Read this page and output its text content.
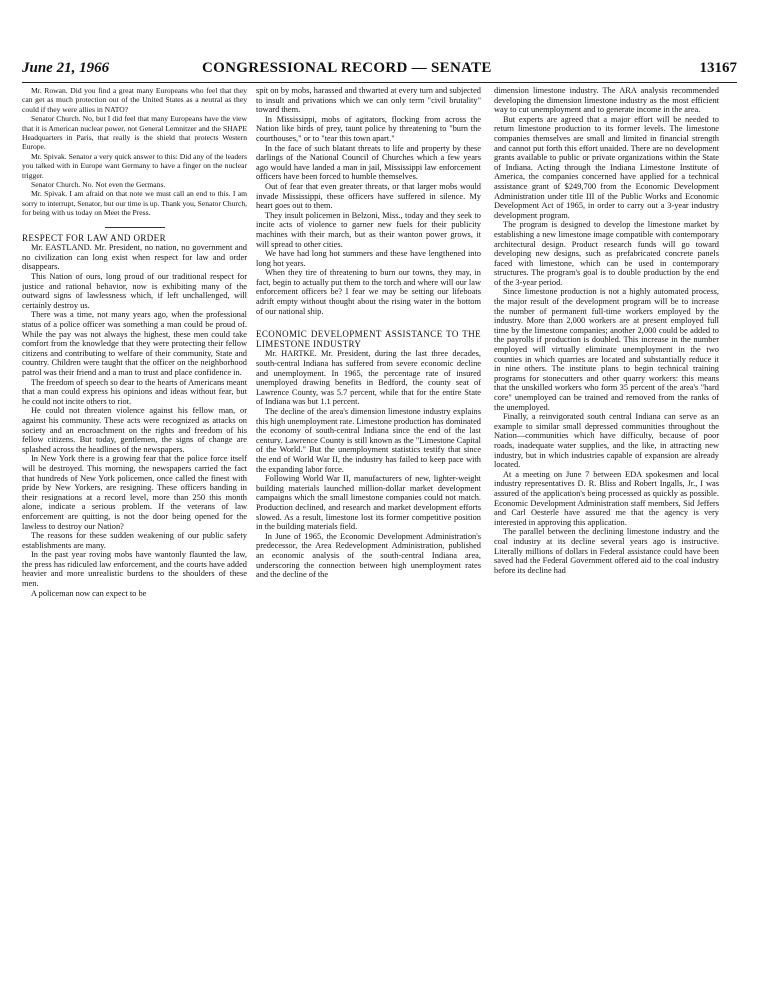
June 21, 1966	CONGRESSIONAL RECORD — SENATE	13167

Mr. Rowan. Did you find a great many Europeans who feel that they can get as much protection out of the United States as a neutral as they could if they were allies in NATO?

Senator Church. No, but I did feel that many Europeans have the view that it is American nuclear power, not General Lemnitzer and the SHAPE Headquarters in Paris, that really is the shield that protects Western Europe.

Mr. Spivak. Senator a very quick answer to this: Did any of the leaders you talked with in Europe want Germany to have a finger on the nuclear trigger.

Senator Church. No. Not even the Germans.

Mr. Spivak. I am afraid on that note we must call an end to this. I am sorry to interrupt, Senator, but our time is up. Thank you, Senator Church, for being with us today on Meet the Press.

RESPECT FOR LAW AND ORDER

Mr. EASTLAND. Mr. President, no nation, no government and no civilization can long exist when respect for law and order disappears.

This Nation of ours, long proud of our traditional respect for justice and rational behavior, now is exhibiting many of the outward signs of lawlessness which, if left unchallenged, will certainly destroy us.

There was a time, not many years ago, when the professional status of a police officer was something a man could be proud of. While the pay was not always the highest, these men could take comfort from the knowledge that they were protecting their fellow citizens and contributing to welfare of their community, State and country. Children were taught that the officer on the neighborhood patrol was their friend and a man to trust and place confidence in.

The freedom of speech so dear to the hearts of Americans meant that a man could express his opinions and ideas without fear, but he could not incite others to riot.

He could not threaten violence against his fellow man, or against his community. These acts were recognized as attacks on society and an encroachment on the rights and freedom of his fellow citizens. But today, gentlemen, the signs of change are splashed across the headlines of the newspapers.

In New York there is a growing fear that the police force itself will be destroyed. This morning, the newspapers carried the fact that hundreds of New York policemen, once called the finest with pride by New Yorkers, are resigning. These officers handing in their resignations at a record level, more than 250 this month alone, indicate a serious problem. If the veterans of law enforcement are quitting, is not the door being opened for the lawless to destroy our Nation?

The reasons for these sudden weakening of our public safety establishments are many.

In the past year roving mobs have wantonly flaunted the law, the press has ridiculed law enforcement, and the courts have added heavier and more unrealistic burdens to the shoulders of these men.

A policeman now can expect to be

spit on by mobs, harassed and thwarted at every turn and subjected to insult and privations which we can only term "civil brutality" toward them.

In Mississippi, mobs of agitators, flocking from across the Nation like birds of prey, taunt police by threatening to "burn the courthouses," or to "tear this town apart."

In the face of such blatant threats to life and property by these darlings of the National Council of Churches which a few years ago would have landed a man in jail, Mississippi law enforcement officers have been forced to humble themselves.

Out of fear that even greater threats, or that larger mobs would invade Mississippi, these officers have suffered in silence. My heart goes out to them.

They insult policemen in Belzoni, Miss., today and they seek to incite acts of violence to garner new fuels for their publicity machines with their march, but as their wanton power grows, it will spread to other cities.

We have had long hot summers and these have lengthened into long hot years.

When they tire of threatening to burn our towns, they may, in fact, begin to actually put them to the torch and where will our law enforcement officers be? I fear we may be setting our lifeboats adrift empty without thought about the rising water in the bottom of our national ship.

ECONOMIC DEVELOPMENT ASSISTANCE TO THE LIMESTONE INDUSTRY

Mr. HARTKE. Mr. President, during the last three decades, south-central Indiana has suffered from severe economic decline and unemployment. In 1965, the percentage rate of insured unemployed drawing benefits in Bedford, the county seat of Lawrence County, was 5.7 percent, while that for the entire State of Indiana was but 1.1 percent.

The decline of the area's dimension limestone industry explains this high unemployment rate. Limestone production has dominated the economy of south-central Indiana since the end of the last century. Lawrence County is still known as the "Limestone Capital of the World." But the unemployment statistics testify that since the end of World War II, the industry has failed to keep pace with the expanding labor force.

Following World War II, manufacturers of new, lighter-weight building materials launched million-dollar market development campaigns which the small limestone companies could not match. Production declined, and research and market development efforts slowed. As a result, limestone lost its former competitive position in the building materials field.

In June of 1965, the Economic Development Administration's predecessor, the Area Redevelopment Administration, published an economic analysis of the south-central Indiana area, underscoring the connection between high unemployment rates and the decline of the

dimension limestone industry. The ARA analysis recommended developing the dimension limestone industry as the most efficient way to cut unemployment and to generate income in the area.

But experts are agreed that a major effort will be needed to return limestone production to its former levels. The limestone companies themselves are small and limited in financial strength and cannot put forth this effort unaided. There are no development grants available to public or private organizations within the State of Indiana. Acting through the Indiana Limestone Institute of America, the companies concerned have applied for a technical assistance grant of $249,700 from the Economic Development Administration under title III of the Public Works and Economic Development Act of 1965, in order to carry out a 3-year industry development program.

The program is designed to develop the limestone market by establishing a new limestone image compatible with contemporary architectural design. Product research funds will go toward developing new designs, such as prefabricated concrete panels faced with limestone, which can be used in contemporary structures. The program's goal is to double production by the end of the 3-year period.

Since limestone production is not a highly automated process, the major result of the development program will be to increase the number of permanent full-time workers employed by the industry. More than 2,000 workers are at present employed full time by the limestone companies; another 2,000 could be added to the payrolls if production is doubled. This increase in the number employed will virtually eliminate unemployment in the two counties in which quarries are located and substantially reduce it in nine others. The institute plans to begin technical training programs for stonecutters and other quarry workers: this means that the unskilled workers who form 35 percent of the area's "hard core" unemployed can be trained and removed from the ranks of the unemployed.

Finally, a reinvigorated south central Indiana can serve as an example to similar small depressed communities throughout the Nation—communities which have difficulty, because of poor roads, inadequate water supplies, and the like, in attracting new industry, but in which industries capable of expansion are already located.

At a meeting on June 7 between EDA spokesmen and local industry representatives D. R. Bliss and Robert Ingalls, Jr., I was assured of the application's being processed as quickly as possible. Economic Development Administration staff members, Sid Jeffers and Carl Oesterle have assured me that the agency is very interested in approving this application.

The parallel between the declining limestone industry and the coal industry at its decline several years ago is instructive. Literally millions of dollars in Federal assistance could have been saved had the Federal Government offered aid to the coal industry before its decline had
